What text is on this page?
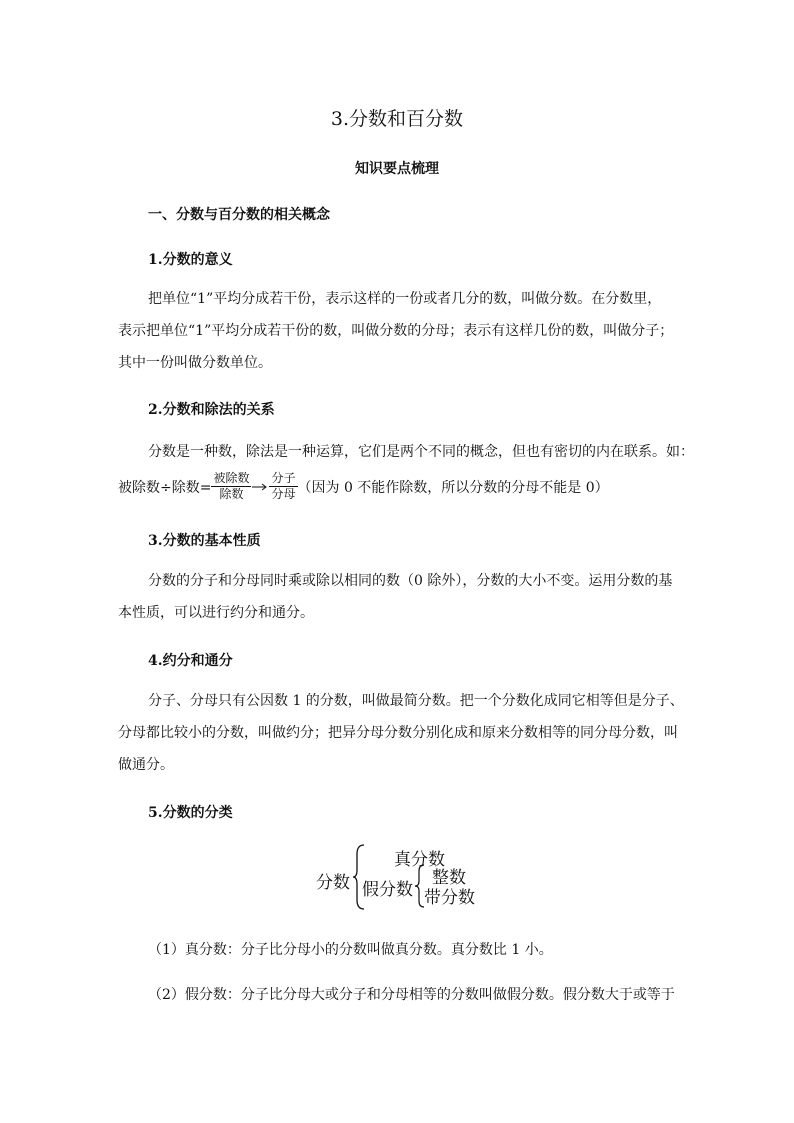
3.分数和百分数
知识要点梳理
一、分数与百分数的相关概念
1.分数的意义
把单位“1”平均分成若干份，表示这样的一份或者几分的数，叫做分数。在分数里，
表示把单位“1”平均分成若干份的数，叫做分数的分母；表示有这样几份的数，叫做分子；
其中一份叫做分数单位。
2.分数和除法的关系
分数是一种数，除法是一种运算，它们是两个不同的概念，但也有密切的内在联系。如：
被除数÷除数= $\frac{\text{被除数}}{\text{除数}} \frac{\text{分子}}{\text{分母}}$ （因为 0 不能作除数，所以分数的分母不能是 0）
3.分数的基本性质
分数的分子和分母同时乘或除以相同的数（0 除外），分数的大小不变。运用分数的基
本性质，可以进行约分和通分。
4.约分和通分
分子、分母只有公因数 1 的分数，叫做最简分数。把一个分数化成同它相等但是分子、
分母都比较小的分数，叫做约分；把异分母分数分别化成和原来分数相等的同分母分数，叫
做通分。
5.分数的分类
分数
真分数
假分数
整数
带分数
（1）真分数：分子比分母小的分数叫做真分数。真分数比 1 小。
（2）假分数：分子比分母大或分子和分母相等的分数叫做假分数。假分数大于或等于
